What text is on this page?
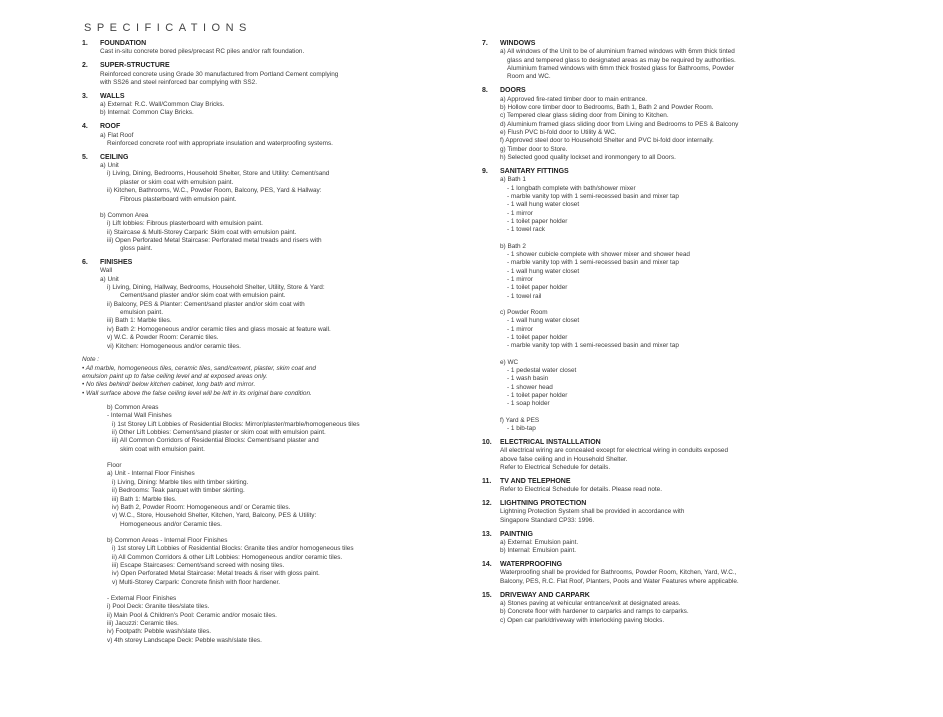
SPECIFICATIONS
1.	FOUNDATION
Cast in-situ concrete bored piles/precast RC piles and/or raft foundation.
2.	SUPER-STRUCTURE
Reinforced concrete using Grade 30 manufactured from Portland Cement complying
with SS26 and steel reinforced bar complying with SS2.
3.	WALLS
a) External: R.C. Wall/Common Clay Bricks.
b) Internal: Common Clay Bricks.
4.	ROOF
a) Flat Roof
Reinforced concrete roof with appropriate insulation and waterproofing systems.
5.	CEILING
a) Unit
i) Living, Dining, Bedrooms, Household Shelter, Store and Utility: Cement/sand
plaster or skim coat with emulsion paint.
ii) Kitchen, Bathrooms, W.C., Powder Room, Balcony, PES, Yard & Hallway:
Fibrous plasterboard with emulsion paint.
b) Common Area
i) Lift lobbies: Fibrous plasterboard with emulsion paint.
ii) Staircase & Multi-Storey Carpark: Skim coat with emulsion paint.
iii) Open Perforated Metal Staircase: Perforated metal treads and risers with
gloss paint.
6.	FINISHES
Wall
a) Unit
i) Living, Dining, Hallway, Bedrooms, Household Shelter, Utility, Store & Yard:
Cement/sand plaster and/or skim coat with emulsion paint.
ii) Balcony, PES & Planter: Cement/sand plaster and/or skim coat with
emulsion paint.
iii) Bath 1: Marble tiles.
iv) Bath 2: Homogeneous and/or ceramic tiles and glass mosaic at feature wall.
v) W.C. & Powder Room: Ceramic tiles.
vi) Kitchen: Homogeneous and/or ceramic tiles.
Note :
• All marble, homogeneous tiles, ceramic tiles, sand/cement, plaster, skim coat and
emulsion paint up to false ceiling level and at exposed areas only.
• No tiles behind/ below kitchen cabinet, long bath and mirror.
• Wall surface above the false ceiling level will be left in its original bare condition.
b) Common Areas
- Internal Wall Finishes
i) 1st Storey Lift Lobbies of Residential Blocks: Mirror/plaster/marble/homogeneous tiles
ii) Other Lift Lobbies: Cement/sand plaster or skim coat with emulsion paint.
iii) All Common Corridors of Residential Blocks: Cement/sand plaster and
skim coat with emulsion paint.
Floor
a) Unit - Internal Floor Finishes
i) Living, Dining: Marble tiles with timber skirting.
ii) Bedrooms: Teak parquet with timber skirting.
iii) Bath 1: Marble tiles.
iv) Bath 2, Powder Room: Homogeneous and/ or Ceramic tiles.
v) W.C., Store, Household Shelter, Kitchen, Yard, Balcony, PES & Utility:
Homogeneous and/or Ceramic tiles.
b) Common Areas - Internal Floor Finishes
i) 1st storey Lift Lobbies of Residential Blocks: Granite tiles and/or homogeneous tiles
ii) All Common Corridors & other Lift Lobbies: Homogeneous and/or ceramic tiles.
iii) Escape Staircases: Cement/sand screed with nosing tiles.
iv) Open Perforated Metal Staircase: Metal treads & riser with gloss paint.
v) Multi-Storey Carpark: Concrete finish with floor hardener.
- External Floor Finishes
i) Pool Deck: Granite tiles/slate tiles.
ii) Main Pool & Children's Pool: Ceramic and/or mosaic tiles.
iii) Jacuzzi: Ceramic tiles.
iv) Footpath: Pebble wash/slate tiles.
v) 4th storey Landscape Deck: Pebble wash/slate tiles.
7.	WINDOWS
a) All windows of the Unit to be of aluminium framed windows with 6mm thick tinted
glass and tempered glass to designated areas as may be required by authorities.
Aluminium framed windows with 6mm thick frosted glass for Bathrooms, Powder
Room and WC.
8.	DOORS
a) Approved fire-rated timber door to main entrance.
b) Hollow core timber door to Bedrooms, Bath 1, Bath 2 and Powder Room.
c) Tempered clear glass sliding door from Dining to Kitchen.
d) Aluminium framed glass sliding door from Living and Bedrooms to PES & Balcony
e) Flush PVC bi-fold door to Utility & WC.
f) Approved steel door to Household Shelter and PVC bi-fold door internally.
g) Timber door to Store.
h) Selected good quality lockset and ironmongery to all Doors.
9.	SANITARY FITTINGS
a) Bath 1
- 1 longbath complete with bath/shower mixer
- marble vanity top with 1 semi-recessed basin and mixer tap
- 1 wall hung water closet
- 1 mirror
- 1 toilet paper holder
- 1 towel rack
b) Bath 2
- 1 shower cubicle complete with shower mixer and shower head
- marble vanity top with 1 semi-recessed basin and mixer tap
- 1 wall hung water closet
- 1 mirror
- 1 toilet paper holder
- 1 towel rail
c) Powder Room
- 1 wall hung water closet
- 1 mirror
- 1 toilet paper holder
- marble vanity top with 1 semi-recessed basin and mixer tap
e) WC
- 1 pedestal water closet
- 1 wash basin
- 1 shower head
- 1 toilet paper holder
- 1 soap holder
f) Yard & PES
- 1 bib-tap
10.	ELECTRICAL INSTALLLATION
All electrical wiring are concealed except for electrical wiring in conduits exposed
above false ceiling and in Household Shelter.
Refer to Electrical Schedule for details.
11.	TV AND TELEPHONE
Refer to Electrical Schedule for details. Please read note.
12.	LIGHTNING PROTECTION
Lightning Protection System shall be provided in accordance with
Singapore Standard CP33: 1996.
13.	PAINTNIG
a) External: Emulsion paint.
b) Internal: Emulsion paint.
14.	WATERPROOFING
Waterproofing shall be provided for Bathrooms, Powder Room, Kitchen, Yard, W.C.,
Balcony, PES, R.C. Flat Roof, Planters, Pools and Water Features where applicable.
15.	DRIVEWAY AND CARPARK
a) Stones paving at vehicular entrance/exit at designated areas.
b) Concrete floor with hardener to carparks and ramps to carparks.
c) Open car park/driveway with interlocking paving blocks.
